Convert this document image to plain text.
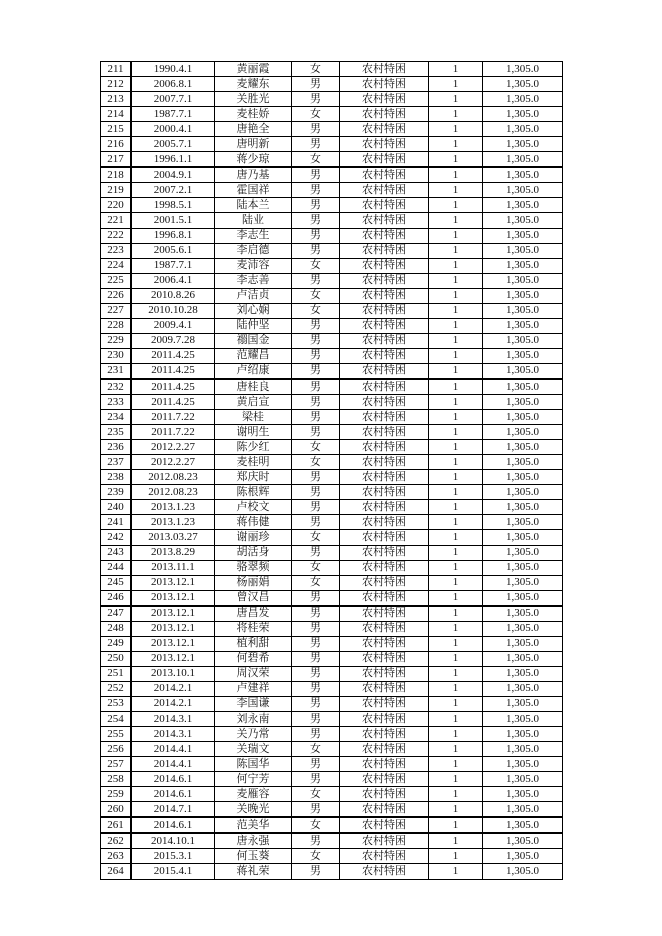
211	1990.4.1	黄丽霞	女	农村特困	1	1,305.0
212	2006.8.1	麦耀东	男	农村特困	1	1,305.0
213	2007.7.1	关胜光	男	农村特困	1	1,305.0
214	1987.7.1	麦桂娇	女	农村特困	1	1,305.0
215	2000.4.1	唐艳全	男	农村特困	1	1,305.0
216	2005.7.1	唐明新	男	农村特困	1	1,305.0
217	1996.1.1	蒋少琼	女	农村特困	1	1,305.0
218	2004.9.1	唐乃基	男	农村特困	1	1,305.0
219	2007.2.1	霍国祥	男	农村特困	1	1,305.0
220	1998.5.1	陆本兰	男	农村特困	1	1,305.0
221	2001.5.1	陆业	男	农村特困	1	1,305.0
222	1996.8.1	李志生	男	农村特困	1	1,305.0
223	2005.6.1	李启德	男	农村特困	1	1,305.0
224	1987.7.1	麦沛容	女	农村特困	1	1,305.0
225	2006.4.1	李志善	男	农村特困	1	1,305.0
226	2010.8.26	卢洁贞	女	农村特困	1	1,305.0
227	2010.10.28	刘心娴	女	农村特困	1	1,305.0
228	2009.4.1	陆仲坚	男	农村特困	1	1,305.0
229	2009.7.28	禤国金	男	农村特困	1	1,305.0
230	2011.4.25	范耀昌	男	农村特困	1	1,305.0
231	2011.4.25	卢绍康	男	农村特困	1	1,305.0
232	2011.4.25	唐桂良	男	农村特困	1	1,305.0
233	2011.4.25	黄启宣	男	农村特困	1	1,305.0
234	2011.7.22	梁桂	男	农村特困	1	1,305.0
235	2011.7.22	谢明生	男	农村特困	1	1,305.0
236	2012.2.27	陈少红	女	农村特困	1	1,305.0
237	2012.2.27	麦桂明	女	农村特困	1	1,305.0
238	2012.08.23	郑庆时	男	农村特困	1	1,305.0
239	2012.08.23	陈根辉	男	农村特困	1	1,305.0
240	2013.1.23	卢校文	男	农村特困	1	1,305.0
241	2013.1.23	蒋伟健	男	农村特困	1	1,305.0
242	2013.03.27	谢丽珍	女	农村特困	1	1,305.0
243	2013.8.29	胡活身	男	农村特困	1	1,305.0
244	2013.11.1	骆翠频	女	农村特困	1	1,305.0
245	2013.12.1	杨丽娟	女	农村特困	1	1,305.0
246	2013.12.1	曾汉昌	男	农村特困	1	1,305.0
247	2013.12.1	唐昌发	男	农村特困	1	1,305.0
248	2013.12.1	将桂荣	男	农村特困	1	1,305.0
249	2013.12.1	植利甜	男	农村特困	1	1,305.0
250	2013.12.1	何碧希	男	农村特困	1	1,305.0
251	2013.10.1	周汉荣	男	农村特困	1	1,305.0
252	2014.2.1	卢建祥	男	农村特困	1	1,305.0
253	2014.2.1	李国谦	男	农村特困	1	1,305.0
254	2014.3.1	刘永南	男	农村特困	1	1,305.0
255	2014.3.1	关乃常	男	农村特困	1	1,305.0
256	2014.4.1	关瑞文	女	农村特困	1	1,305.0
257	2014.4.1	陈国华	男	农村特困	1	1,305.0
258	2014.6.1	何宁芳	男	农村特困	1	1,305.0
259	2014.6.1	麦雁容	女	农村特困	1	1,305.0
260	2014.7.1	关晚光	男	农村特困	1	1,305.0
261	2014.6.1	范美华	女	农村特困	1	1,305.0
262	2014.10.1	唐永强	男	农村特困	1	1,305.0
263	2015.3.1	何玉葵	女	农村特困	1	1,305.0
264	2015.4.1	蒋礼荣	男	农村特困	1	1,305.0
